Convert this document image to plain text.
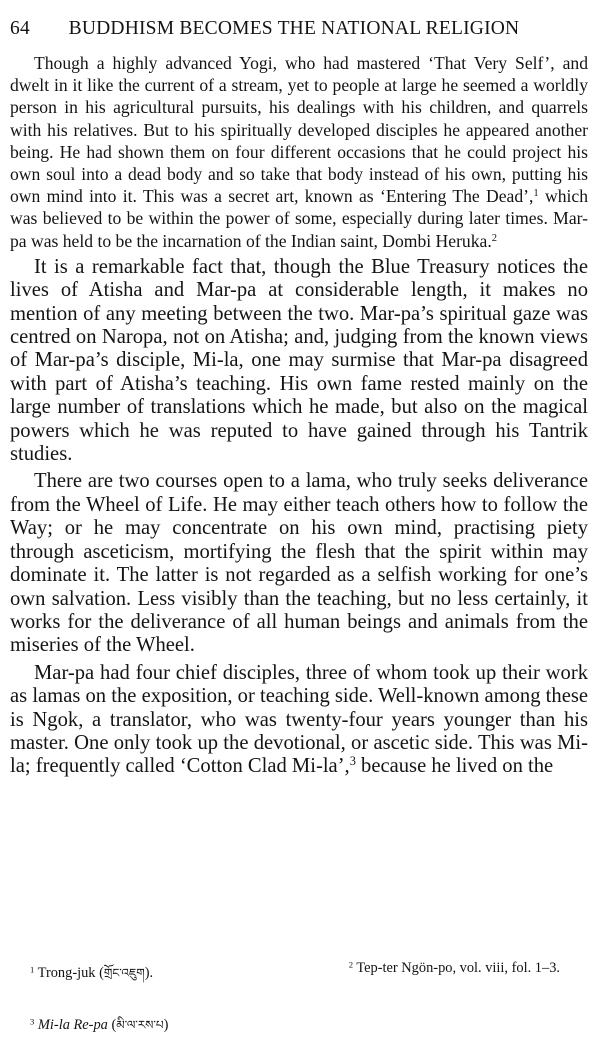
64	BUDDHISM BECOMES THE NATIONAL RELIGION

Though a highly advanced Yogi, who had mastered ‘That Very Self’, and dwelt in it like the current of a stream, yet to people at large he seemed a worldly person in his agricultural pursuits, his dealings with his children, and quarrels with his relatives. But to his spiritually developed disciples he appeared another being. He had shown them on four different occasions that he could project his own soul into a dead body and so take that body instead of his own, putting his own mind into it. This was a secret art, known as ‘Entering The Dead’,$^1$ which was believed to be within the power of some, especially during later times. Mar-pa was held to be the incarnation of the Indian saint, Dombi Heruka.$^2$

It is a remarkable fact that, though the Blue Treasury notices the lives of Atisha and Mar-pa at considerable length, it makes no mention of any meeting between the two. Mar-pa’s spiritual gaze was centred on Naropa, not on Atisha; and, judging from the known views of Mar-pa’s disciple, Mi-la, one may surmise that Mar-pa disagreed with part of Atisha’s teaching. His own fame rested mainly on the large number of translations which he made, but also on the magical powers which he was reputed to have gained through his Tantrik studies.

There are two courses open to a lama, who truly seeks deliverance from the Wheel of Life. He may either teach others how to follow the Way; or he may concentrate on his own mind, practising piety through asceticism, mortifying the flesh that the spirit within may dominate it. The latter is not regarded as a selfish working for one’s own salvation. Less visibly than the teaching, but no less certainly, it works for the deliverance of all human beings and animals from the miseries of the Wheel.

Mar-pa had four chief disciples, three of whom took up their work as lamas on the exposition, or teaching side. Well-known among these is Ngok, a translator, who was twenty-four years younger than his master. One only took up the devotional, or ascetic side. This was Mi-la; frequently called ‘Cotton Clad Mi-la’,$^3$ because he lived on the

$^1$ Trong-juk (གྲོང་འཇུག).
$^2$ Tep-ter Ngön-po, vol. viii, fol. 1–3.
$^3$ Mi-la Re-pa (མི་ལ་རས་པ)
